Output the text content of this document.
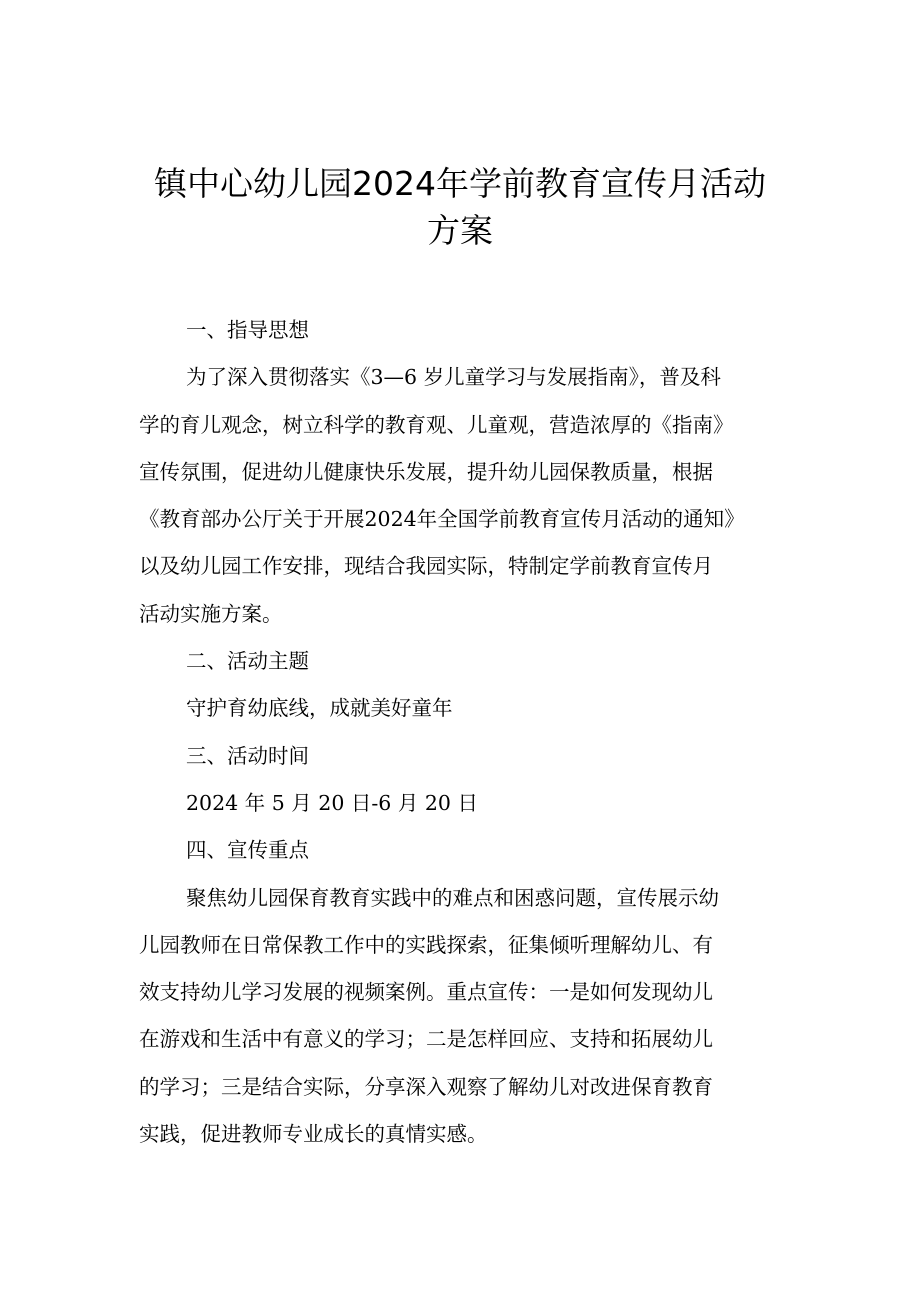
镇中心幼儿园2024年学前教育宣传月活动
方案
一、指导思想
为了深入贯彻落实《3—6 岁儿童学习与发展指南》，普及科
学的育儿观念，树立科学的教育观、儿童观，营造浓厚的《指南》
宣传氛围，促进幼儿健康快乐发展，提升幼儿园保教质量，根据
《教育部办公厅关于开展2024年全国学前教育宣传月活动的通知》
以及幼儿园工作安排，现结合我园实际，特制定学前教育宣传月
活动实施方案。
二、活动主题
守护育幼底线，成就美好童年
三、活动时间
2024 年 5 月 20 日-6 月 20 日
四、宣传重点
聚焦幼儿园保育教育实践中的难点和困惑问题，宣传展示幼
儿园教师在日常保教工作中的实践探索，征集倾听理解幼儿、有
效支持幼儿学习发展的视频案例。重点宣传：一是如何发现幼儿
在游戏和生活中有意义的学习；二是怎样回应、支持和拓展幼儿
的学习；三是结合实际，分享深入观察了解幼儿对改进保育教育
实践，促进教师专业成长的真情实感。
